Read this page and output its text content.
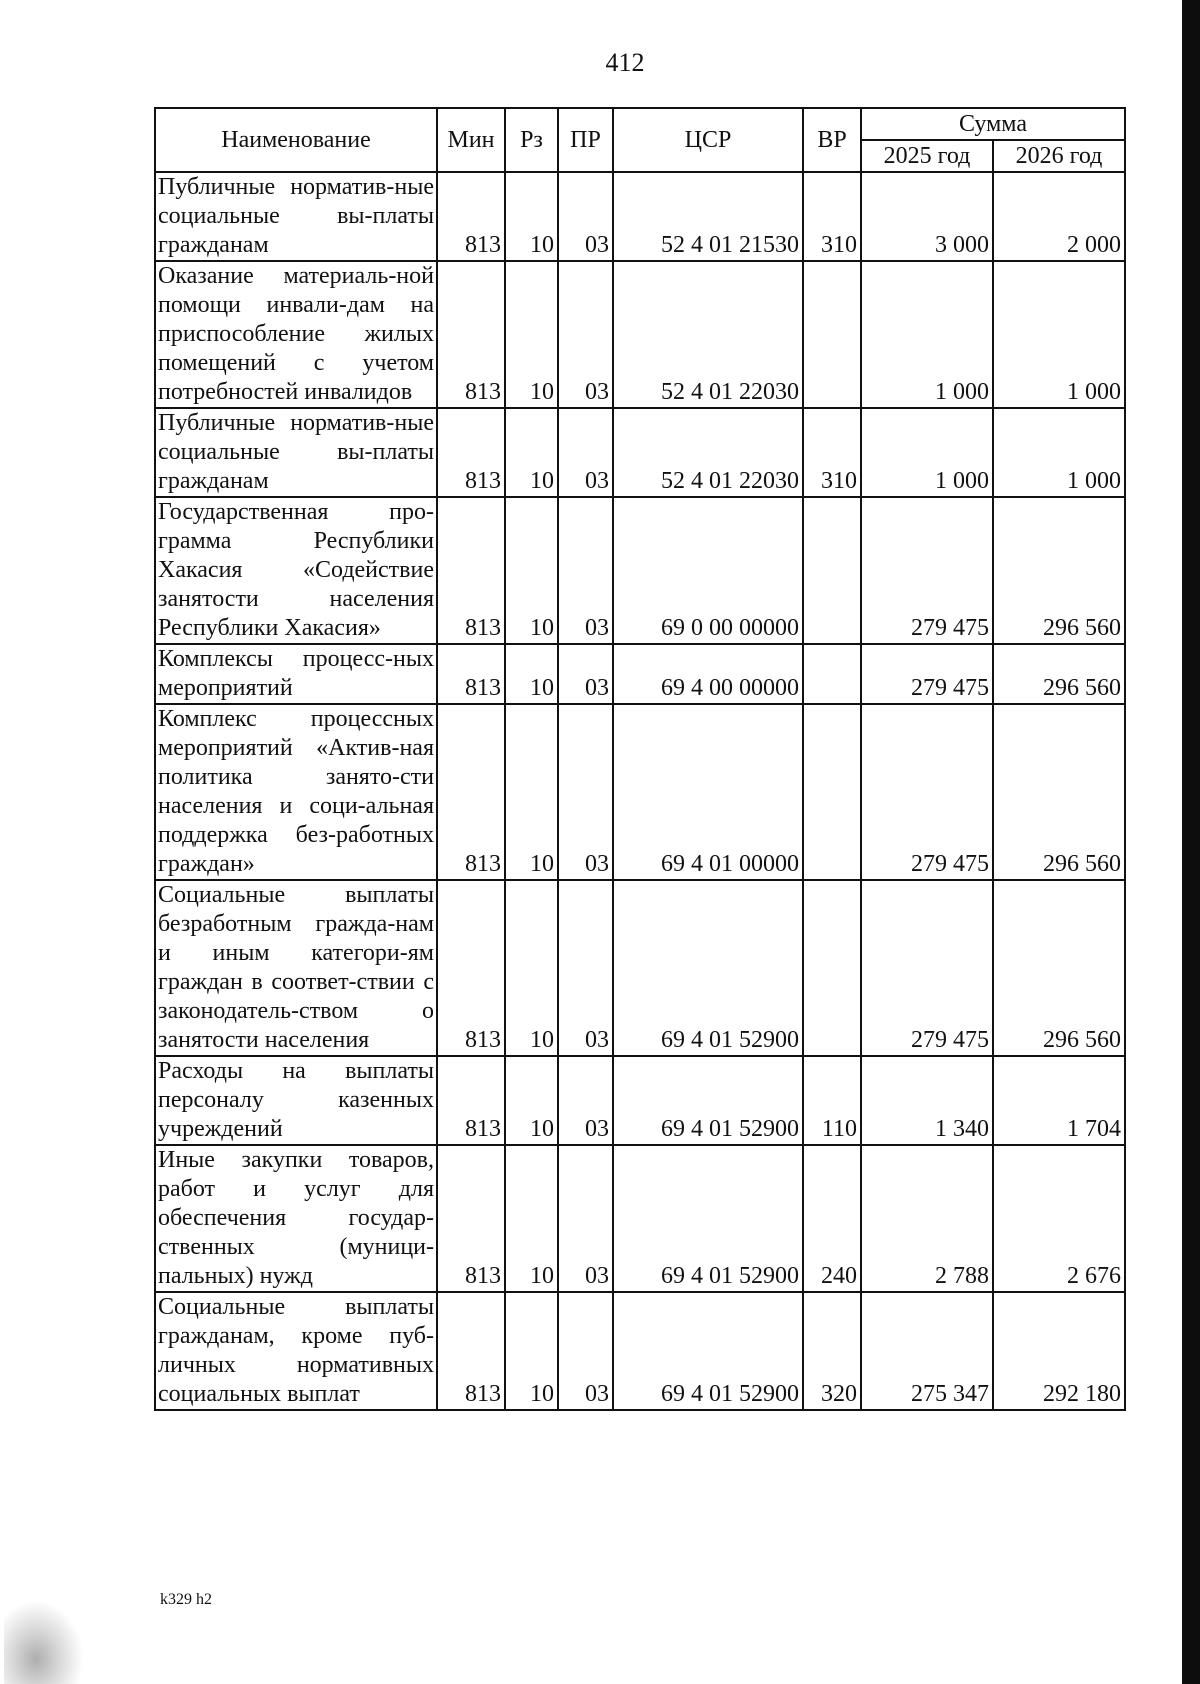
412
Наименование	Мин	Рз	ПР	ЦСР	ВР	Сумма	
						2025 год	2026 год
Публичные норматив-ные социальные вы-платы гражданам	813	10	03	52 4 01 21530	310	3 000	2 000
Оказание материаль-ной помощи инвали-дам на приспособление жилых помещений с учетом потребностей инвалидов	813	10	03	52 4 01 22030		1 000	1 000
Публичные норматив-ные социальные вы-платы гражданам	813	10	03	52 4 01 22030	310	1 000	1 000
Государственная про-грамма Республики Хакасия «Содействие занятости населения Республики Хакасия»	813	10	03	69 0 00 00000		279 475	296 560
Комплексы процесс-ных мероприятий	813	10	03	69 4 00 00000		279 475	296 560
Комплекс процессных мероприятий «Актив-ная политика занято-сти населения и соци-альная поддержка без-работных граждан»	813	10	03	69 4 01 00000		279 475	296 560
Социальные выплаты безработным гражда-нам и иным категори-ям граждан в соответ-ствии с законодатель-ством о занятости населения	813	10	03	69 4 01 52900		279 475	296 560
Расходы на выплаты персоналу казенных учреждений	813	10	03	69 4 01 52900	110	1 340	1 704
Иные закупки товаров, работ и услуг для обеспечения государ-ственных (муници-пальных) нужд	813	10	03	69 4 01 52900	240	2 788	2 676
Социальные выплаты гражданам, кроме пуб-личных нормативных социальных выплат	813	10	03	69 4 01 52900	320	275 347	292 180
k329 h2
